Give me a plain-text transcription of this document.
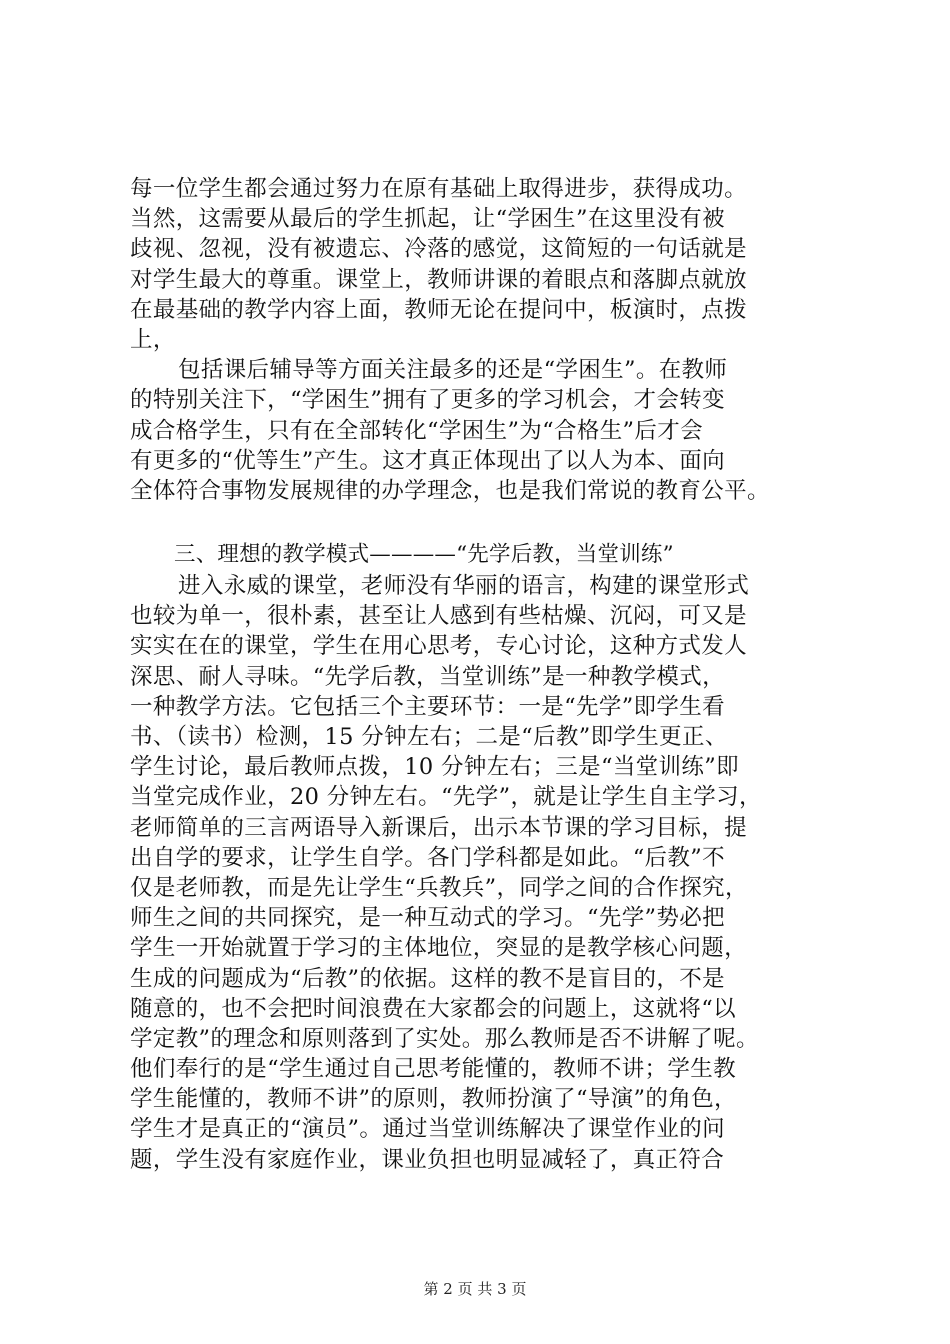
每一位学生都会通过努力在原有基础上取得进步，获得成功。
当然，这需要从最后的学生抓起，让“学困生”在这里没有被
歧视、忽视，没有被遗忘、冷落的感觉，这简短的一句话就是
对学生最大的尊重。课堂上，教师讲课的着眼点和落脚点就放
在最基础的教学内容上面，教师无论在提问中，板演时，点拨
上，
包括课后辅导等方面关注最多的还是“学困生”。在教师
的特别关注下，“学困生”拥有了更多的学习机会，才会转变
成合格学生，只有在全部转化“学困生”为“合格生”后才会
有更多的“优等生”产生。这才真正体现出了以人为本、面向
全体符合事物发展规律的办学理念，也是我们常说的教育公平。
三、理想的教学模式————“先学后教，当堂训练”
进入永威的课堂，老师没有华丽的语言，构建的课堂形式
也较为单一，很朴素，甚至让人感到有些枯燥、沉闷，可又是
实实在在的课堂，学生在用心思考，专心讨论，这种方式发人
深思、耐人寻味。“先学后教，当堂训练”是一种教学模式，
一种教学方法。它包括三个主要环节：一是“先学”即学生看
书、（读书）检测，15 分钟左右；二是“后教”即学生更正、
学生讨论，最后教师点拨，10 分钟左右；三是“当堂训练”即
当堂完成作业，20 分钟左右。“先学”，就是让学生自主学习，
老师简单的三言两语导入新课后，出示本节课的学习目标，提
出自学的要求，让学生自学。各门学科都是如此。“后教”不
仅是老师教，而是先让学生“兵教兵”，同学之间的合作探究，
师生之间的共同探究，是一种互动式的学习。“先学”势必把
学生一开始就置于学习的主体地位，突显的是教学核心问题，
生成的问题成为“后教”的依据。这样的教不是盲目的，不是
随意的，也不会把时间浪费在大家都会的问题上，这就将“以
学定教”的理念和原则落到了实处。那么教师是否不讲解了呢。
他们奉行的是“学生通过自己思考能懂的，教师不讲；学生教
学生能懂的，教师不讲”的原则，教师扮演了“导演”的角色，
学生才是真正的“演员”。通过当堂训练解决了课堂作业的问
题，学生没有家庭作业，课业负担也明显减轻了，真正符合
第 2 页 共 3 页
